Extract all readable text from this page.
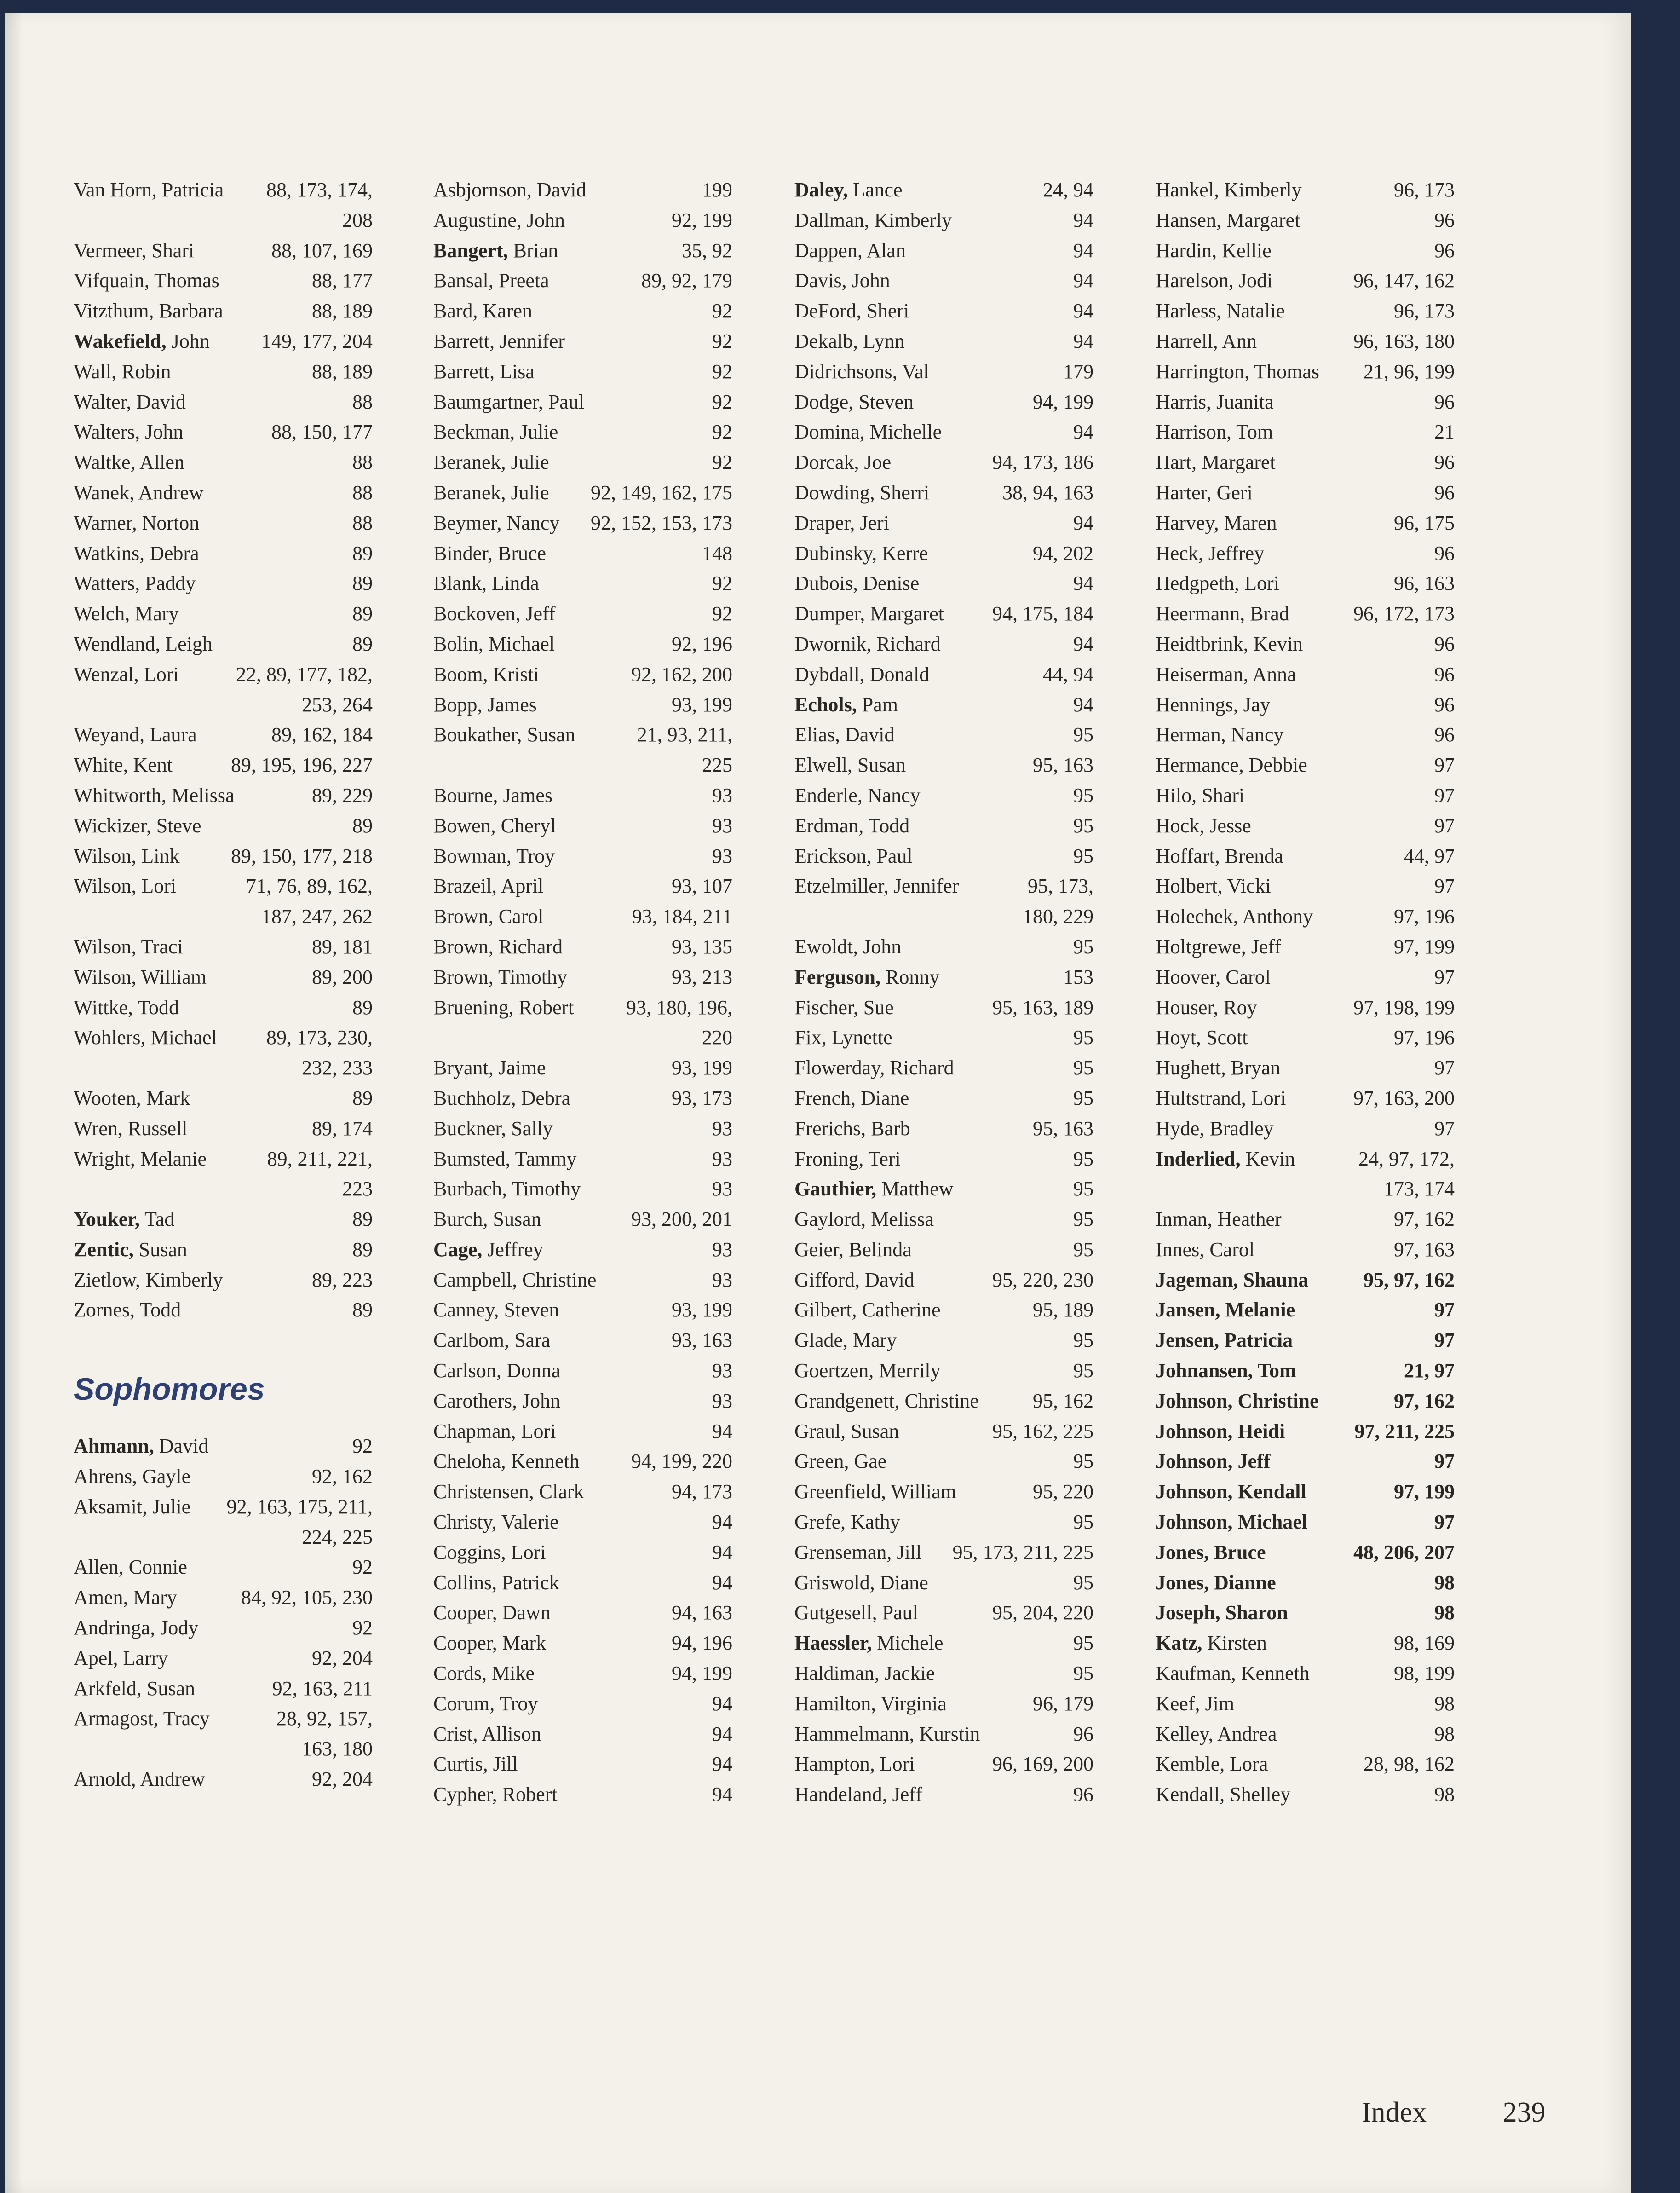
Van Horn, Patricia 88, 173, 174,
208
Vermeer, Shari	88, 107, 169
Vifquain, Thomas	88, 177
Vitzthum, Barbara	88, 189
Wakefield, John	149, 177, 204
Wall, Robin	88, 189
Walter, David	88
Walters, John	88, 150, 177
Waltke, Allen	88
Wanek, Andrew	88
Warner, Norton	88
Watkins, Debra	89
Watters, Paddy	89
Welch, Mary	89
Wendland, Leigh	89
Wenzal, Lori	22, 89, 177, 182,
253, 264
Weyand, Laura	89, 162, 184
White, Kent	89, 195, 196, 227
Whitworth, Melissa	89, 229
Wickizer, Steve	89
Wilson, Link	89, 150, 177, 218
Wilson, Lori	71, 76, 89, 162,
187, 247, 262
Wilson, Traci	89, 181
Wilson, William	89, 200
Wittke, Todd	89
Wohlers, Michael 89, 173, 230,
232, 233
Wooten, Mark	89
Wren, Russell	89, 174
Wright, Melanie	89, 211, 221,
223
Youker, Tad	89
Zentic, Susan	89
Zietlow, Kimberly	89, 223
Zornes, Todd	89
Sophomores
Ahmann, David	92
Ahrens, Gayle	92, 162
Aksamit, Julie 92, 163, 175, 211,
224, 225
Allen, Connie	92
Amen, Mary	84, 92, 105, 230
Andringa, Jody	92
Apel, Larry	92, 204
Arkfeld, Susan	92, 163, 211
Armagost, Tracy	28, 92, 157,
163, 180
Arnold, Andrew	92, 204
Asbjornson, David	199
Augustine, John	92, 199
Bangert, Brian	35, 92
Bansal, Preeta	89, 92, 179
Bard, Karen	92
Barrett, Jennifer	92
Barrett, Lisa	92
Baumgartner, Paul	92
Beckman, Julie	92
Beranek, Julie	92
Beranek, Julie 92, 149, 162, 175
Beymer, Nancy 92, 152, 153, 173
Binder, Bruce	148
Blank, Linda	92
Bockoven, Jeff	92
Bolin, Michael	92, 196
Boom, Kristi	92, 162, 200
Bopp, James	93, 199
Boukather, Susan	21, 93, 211,
225
Bourne, James	93
Bowen, Cheryl	93
Bowman, Troy	93
Brazeil, April	93, 107
Brown, Carol	93, 184, 211
Brown, Richard	93, 135
Brown, Timothy	93, 213
Bruening, Robert	93, 180, 196,
220
Bryant, Jaime	93, 199
Buchholz, Debra	93, 173
Buckner, Sally	93
Bumsted, Tammy	93
Burbach, Timothy	93
Burch, Susan	93, 200, 201
Cage, Jeffrey	93
Campbell, Christine	93
Canney, Steven	93, 199
Carlbom, Sara	93, 163
Carlson, Donna	93
Carothers, John	93
Chapman, Lori	94
Cheloha, Kenneth	94, 199, 220
Christensen, Clark	94, 173
Christy, Valerie	94
Coggins, Lori	94
Collins, Patrick	94
Cooper, Dawn	94, 163
Cooper, Mark	94, 196
Cords, Mike	94, 199
Corum, Troy	94
Crist, Allison	94
Curtis, Jill	94
Cypher, Robert	94
Daley, Lance	24, 94
Dallman, Kimberly	94
Dappen, Alan	94
Davis, John	94
DeFord, Sheri	94
Dekalb, Lynn	94
Didrichsons, Val	179
Dodge, Steven	94, 199
Domina, Michelle	94
Dorcak, Joe	94, 173, 186
Dowding, Sherri	38, 94, 163
Draper, Jeri	94
Dubinsky, Kerre	94, 202
Dubois, Denise	94
Dumper, Margaret 94, 175, 184
Dwornik, Richard	94
Dybdall, Donald	44, 94
Echols, Pam	94
Elias, David	95
Elwell, Susan	95, 163
Enderle, Nancy	95
Erdman, Todd	95
Erickson, Paul	95
Etzelmiller, Jennifer	95, 173,
180, 229
Ewoldt, John	95
Ferguson, Ronny	153
Fischer, Sue	95, 163, 189
Fix, Lynette	95
Flowerday, Richard	95
French, Diane	95
Frerichs, Barb	95, 163
Froning, Teri	95
Gauthier, Matthew	95
Gaylord, Melissa	95
Geier, Belinda	95
Gifford, David	95, 220, 230
Gilbert, Catherine	95, 189
Glade, Mary	95
Goertzen, Merrily	95
Grandgenett, Christine	95, 162
Graul, Susan	95, 162, 225
Green, Gae	95
Greenfield, William	95, 220
Grefe, Kathy	95
Grenseman, Jill 95, 173, 211, 225
Griswold, Diane	95
Gutgesell, Paul	95, 204, 220
Haessler, Michele	95
Haldiman, Jackie	95
Hamilton, Virginia	96, 179
Hammelmann, Kurstin	96
Hampton, Lori	96, 169, 200
Handeland, Jeff	96
Hankel, Kimberly	96, 173
Hansen, Margaret	96
Hardin, Kellie	96
Harelson, Jodi	96, 147, 162
Harless, Natalie	96, 173
Harrell, Ann	96, 163, 180
Harrington, Thomas 21, 96, 199
Harris, Juanita	96
Harrison, Tom	21
Hart, Margaret	96
Harter, Geri	96
Harvey, Maren	96, 175
Heck, Jeffrey	96
Hedgpeth, Lori	96, 163
Heermann, Brad	96, 172, 173
Heidtbrink, Kevin	96
Heiserman, Anna	96
Hennings, Jay	96
Herman, Nancy	96
Hermance, Debbie	97
Hilo, Shari	97
Hock, Jesse	97
Hoffart, Brenda	44, 97
Holbert, Vicki	97
Holechek, Anthony	97, 196
Holtgrewe, Jeff	97, 199
Hoover, Carol	97
Houser, Roy	97, 198, 199
Hoyt, Scott	97, 196
Hughett, Bryan	97
Hultstrand, Lori	97, 163, 200
Hyde, Bradley	97
Inderlied, Kevin	24, 97, 172,
173, 174
Inman, Heather	97, 162
Innes, Carol	97, 163
Jageman, Shauna	95, 97, 162
Jansen, Melanie	97
Jensen, Patricia	97
Johnansen, Tom	21, 97
Johnson, Christine	97, 162
Johnson, Heidi	97, 211, 225
Johnson, Jeff	97
Johnson, Kendall	97, 199
Johnson, Michael	97
Jones, Bruce	48, 206, 207
Jones, Dianne	98
Joseph, Sharon	98
Katz, Kirsten	98, 169
Kaufman, Kenneth	98, 199
Keef, Jim	98
Kelley, Andrea	98
Kemble, Lora	28, 98, 162
Kendall, Shelley	98
Index	239
